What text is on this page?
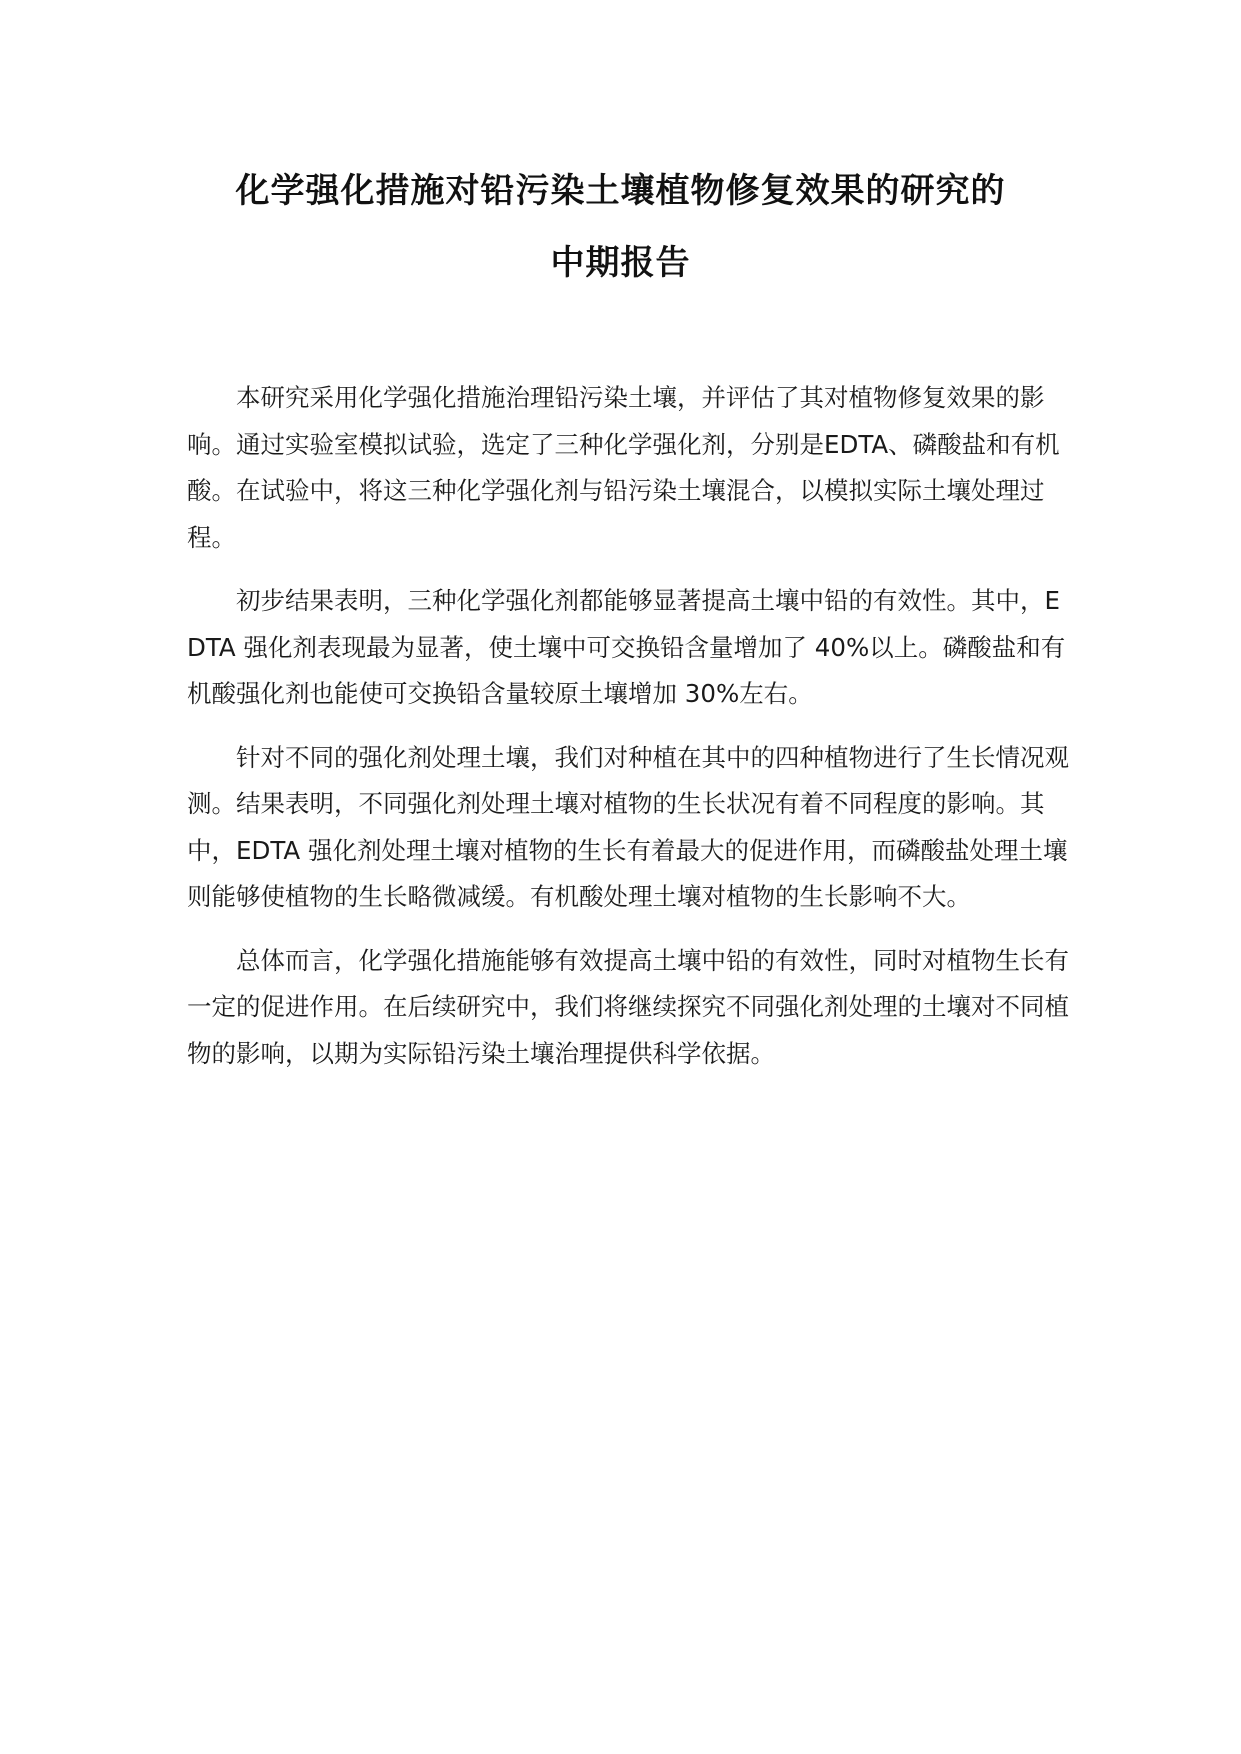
化学强化措施对铅污染土壤植物修复效果的研究的
中期报告

本研究采用化学强化措施治理铅污染土壤，并评估了其对植物修复效果的影响。通过实验室模拟试验，选定了三种化学强化剂，分别是EDTA、磷酸盐和有机酸。在试验中，将这三种化学强化剂与铅污染土壤混合，以模拟实际土壤处理过程。

初步结果表明，三种化学强化剂都能够显著提高土壤中铅的有效性。其中，EDTA 强化剂表现最为显著，使土壤中可交换铅含量增加了 40%以上。磷酸盐和有机酸强化剂也能使可交换铅含量较原土壤增加 30%左右。

针对不同的强化剂处理土壤，我们对种植在其中的四种植物进行了生长情况观测。结果表明，不同强化剂处理土壤对植物的生长状况有着不同程度的影响。其中，EDTA 强化剂处理土壤对植物的生长有着最大的促进作用，而磷酸盐处理土壤则能够使植物的生长略微减缓。有机酸处理土壤对植物的生长影响不大。

总体而言，化学强化措施能够有效提高土壤中铅的有效性，同时对植物生长有一定的促进作用。在后续研究中，我们将继续探究不同强化剂处理的土壤对不同植物的影响，以期为实际铅污染土壤治理提供科学依据。
